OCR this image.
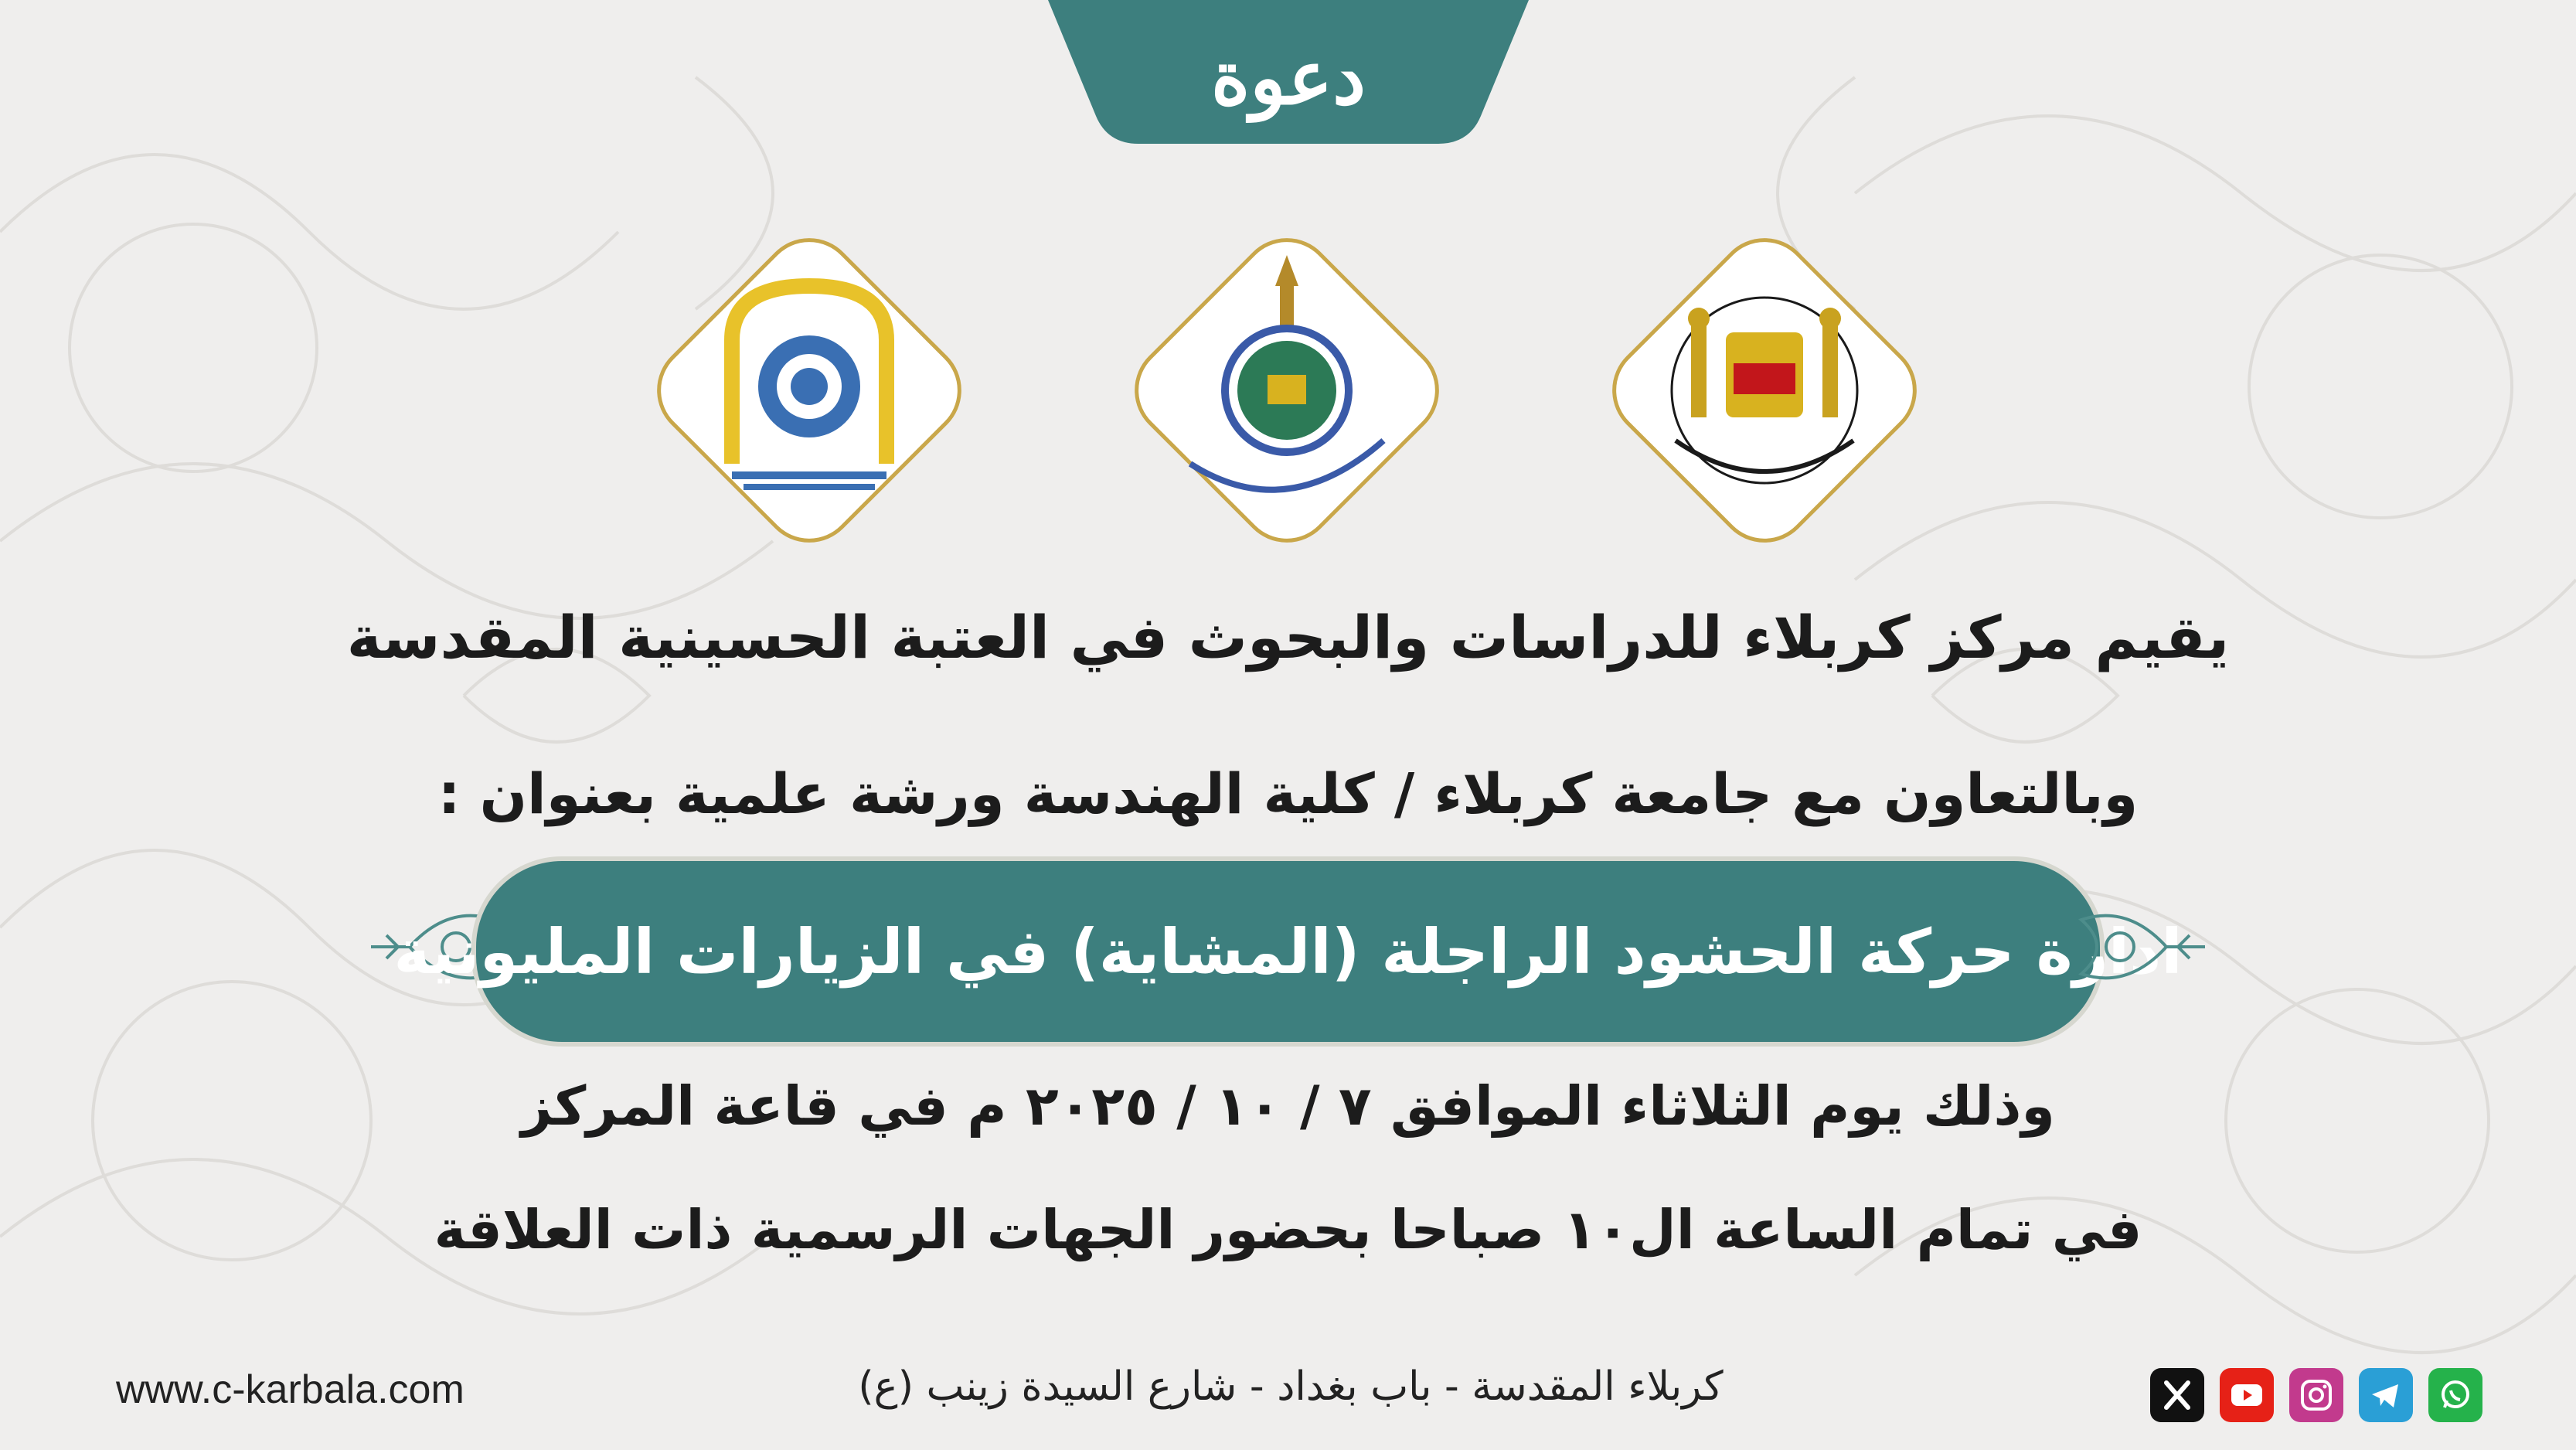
دعوة
يقيم مركز كربلاء للدراسات والبحوث في العتبة الحسينية المقدسة
وبالتعاون مع جامعة كربلاء / كلية الهندسة ورشة علمية بعنوان :
ادارة حركة الحشود الراجلة (المشاية) في الزيارات المليونية
وذلك يوم الثلاثاء الموافق ٧ / ١٠ / ٢٠٢٥ م في قاعة المركز
في تمام الساعة ال١٠ صباحا بحضور الجهات الرسمية ذات العلاقة
www.c-karbala.com	كربلاء المقدسة - باب بغداد - شارع السيدة زينب (ع)
